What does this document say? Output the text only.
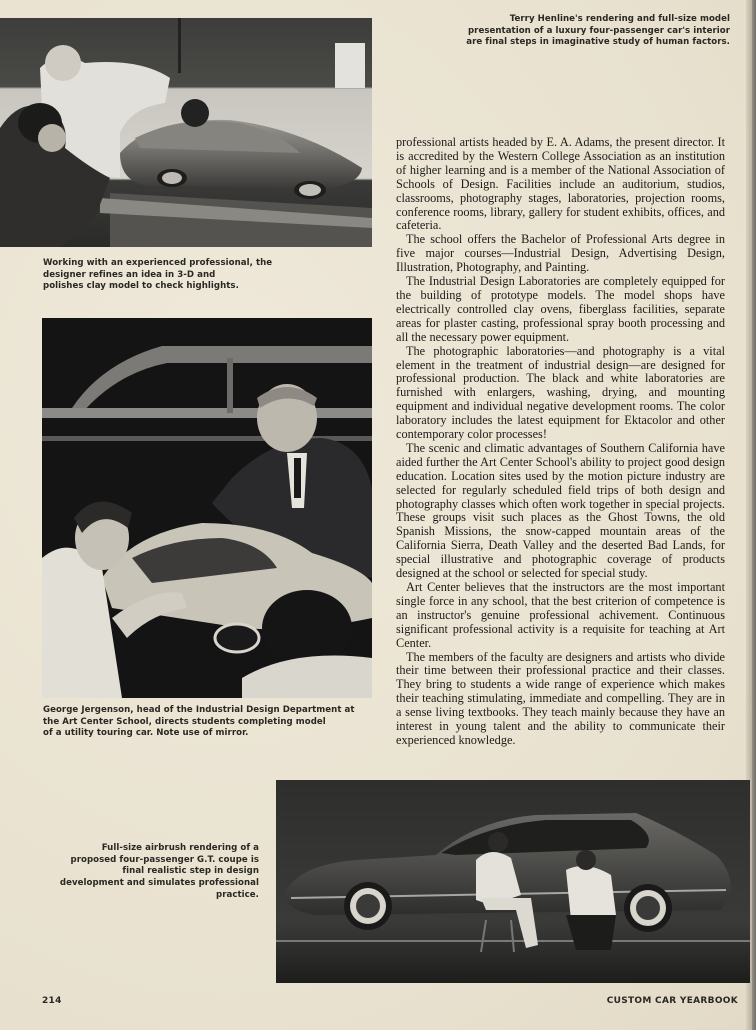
Terry Henline's rendering and full-size model
presentation of a luxury four-passenger car's interior
are final steps in imaginative study of human factors.
Working with an experienced professional, the
designer refines an idea in 3-D and
polishes clay model to check highlights.
George Jergenson, head of the Industrial Design Department at
the Art Center School, directs students completing model
of a utility touring car. Note use of mirror.

professional artists headed by E. A. Adams, the present director. It is accredited by the Western College Association as an institution of higher learning and is a member of the National Association of Schools of Design. Facilities include an auditorium, studios, classrooms, photography stages, laboratories, projection rooms, conference rooms, library, gallery for student exhibits, offices, and cafeteria.

The school offers the Bachelor of Professional Arts degree in five major courses—Industrial Design, Advertising Design, Illustration, Photography, and Painting.

The Industrial Design Laboratories are completely equipped for the building of prototype models. The model shops have electrically controlled clay ovens, fiberglass facilities, separate areas for plaster casting, professional spray booth processing and all the necessary power equipment.

The photographic laboratories—and photography is a vital element in the treatment of industrial design—are designed for professional production. The black and white laboratories are furnished with enlargers, washing, drying, and mounting equipment and individual negative development rooms. The color laboratory includes the latest equipment for Ektacolor and other contemporary color processes!

The scenic and climatic advantages of Southern California have aided further the Art Center School's ability to project good design education. Location sites used by the motion picture industry are selected for regularly scheduled field trips of both design and photography classes which often work together in special projects. These groups visit such places as the Ghost Towns, the old Spanish Missions, the snow-capped mountain areas of the California Sierra, Death Valley and the deserted Bad Lands, for special illustrative and photographic coverage of products designed at the school or selected for special study.

Art Center believes that the instructors are the most important single force in any school, that the best criterion of competence is an instructor's genuine professional achivement. Continuous significant professional activity is a requisite for teaching at Art Center.

The members of the faculty are designers and artists who divide their time between their professional practice and their classes. They bring to students a wide range of experience which makes their teaching stimulating, immediate and compelling. They are in a sense living textbooks. They teach mainly because they have an interest in young talent and the ability to communicate their experienced knowledge.

Full-size airbrush rendering of a
proposed four-passenger G.T. coupe is
final realistic step in design
development and simulates professional
practice.
214	CUSTOM CAR YEARBOOK
